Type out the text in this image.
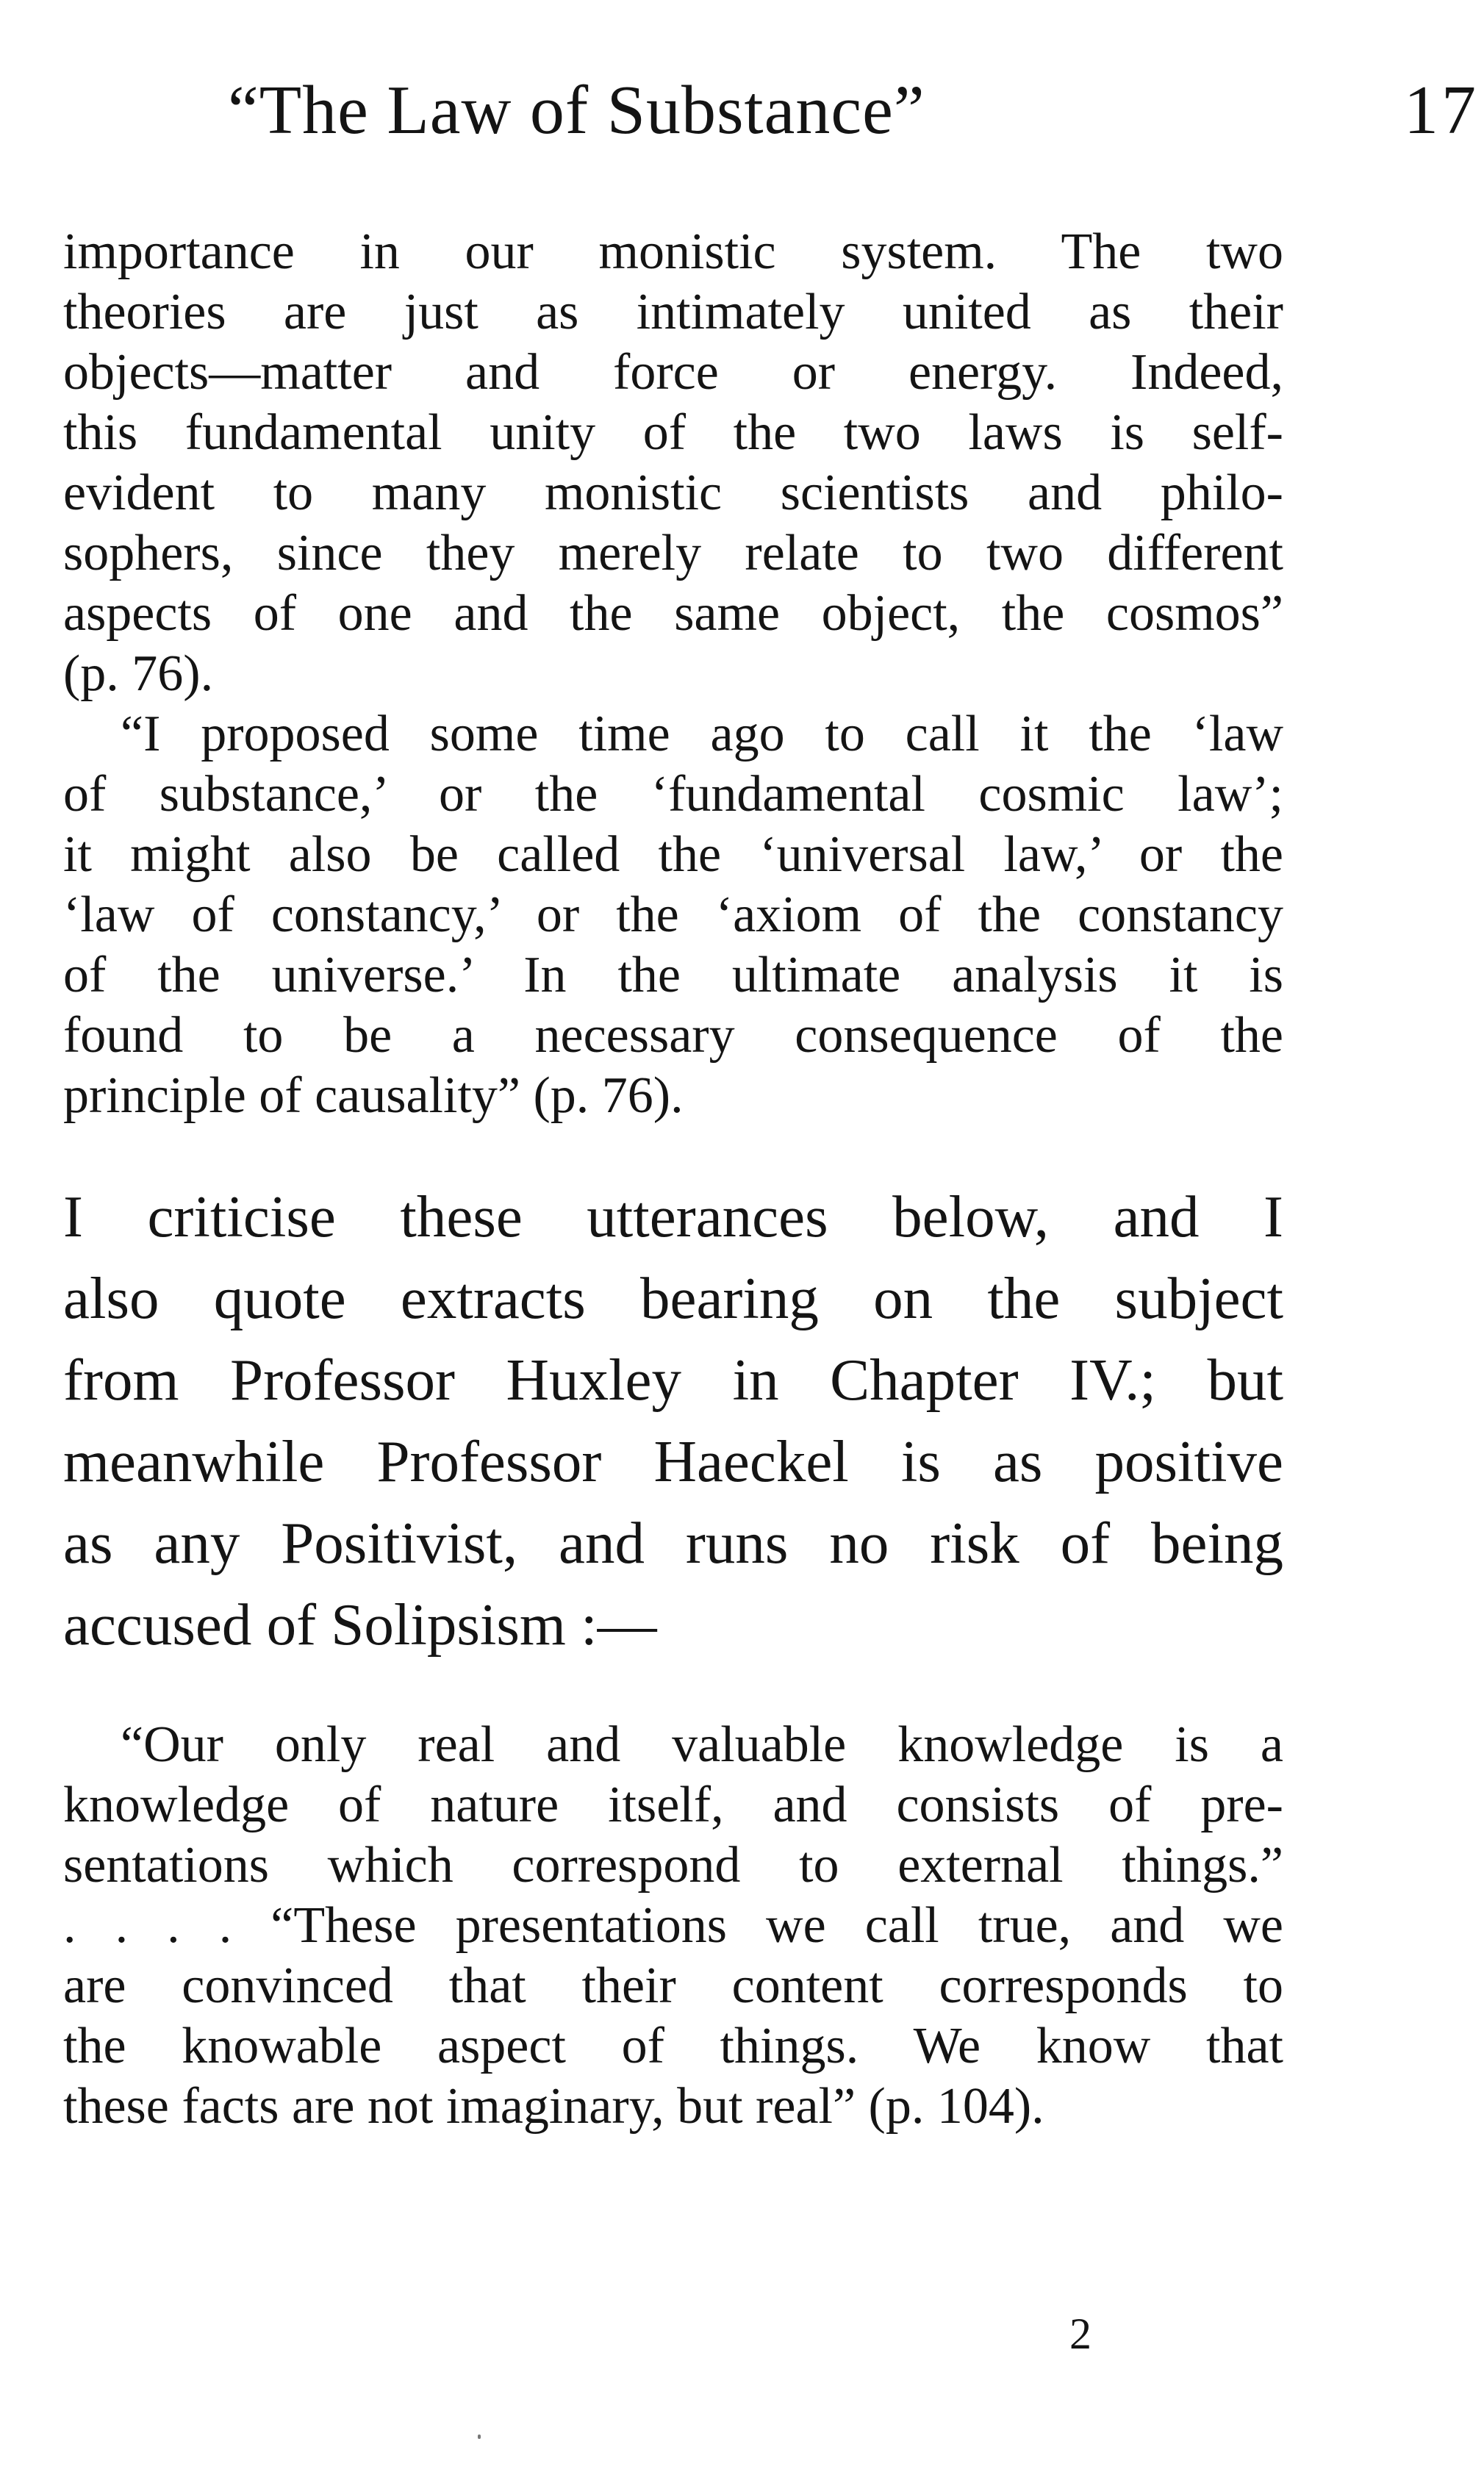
“The Law of Substance”	17
importance in our monistic system. The two
theories are just as intimately united as their
objects—matter and force or energy. Indeed,
this fundamental unity of the two laws is self-
evident to many monistic scientists and philo-
sophers, since they merely relate to two different
aspects of one and the same object, the cosmos”
(p. 76).
“I proposed some time ago to call it the ‘law
of substance,’ or the ‘fundamental cosmic law’;
it might also be called the ‘universal law,’ or the
‘law of constancy,’ or the ‘axiom of the constancy
of the universe.’ In the ultimate analysis it is
found to be a necessary consequence of the
principle of causality” (p. 76).
I criticise these utterances below, and I
also quote extracts bearing on the subject
from Professor Huxley in Chapter IV.; but
meanwhile Professor Haeckel is as positive
as any Positivist, and runs no risk of being
accused of Solipsism :—
“Our only real and valuable knowledge is a
knowledge of nature itself, and consists of pre-
sentations which correspond to external things.”
. . . . “These presentations we call true, and we
are convinced that their content corresponds to
the knowable aspect of things. We know that
these facts are not imaginary, but real” (p. 104).
2
